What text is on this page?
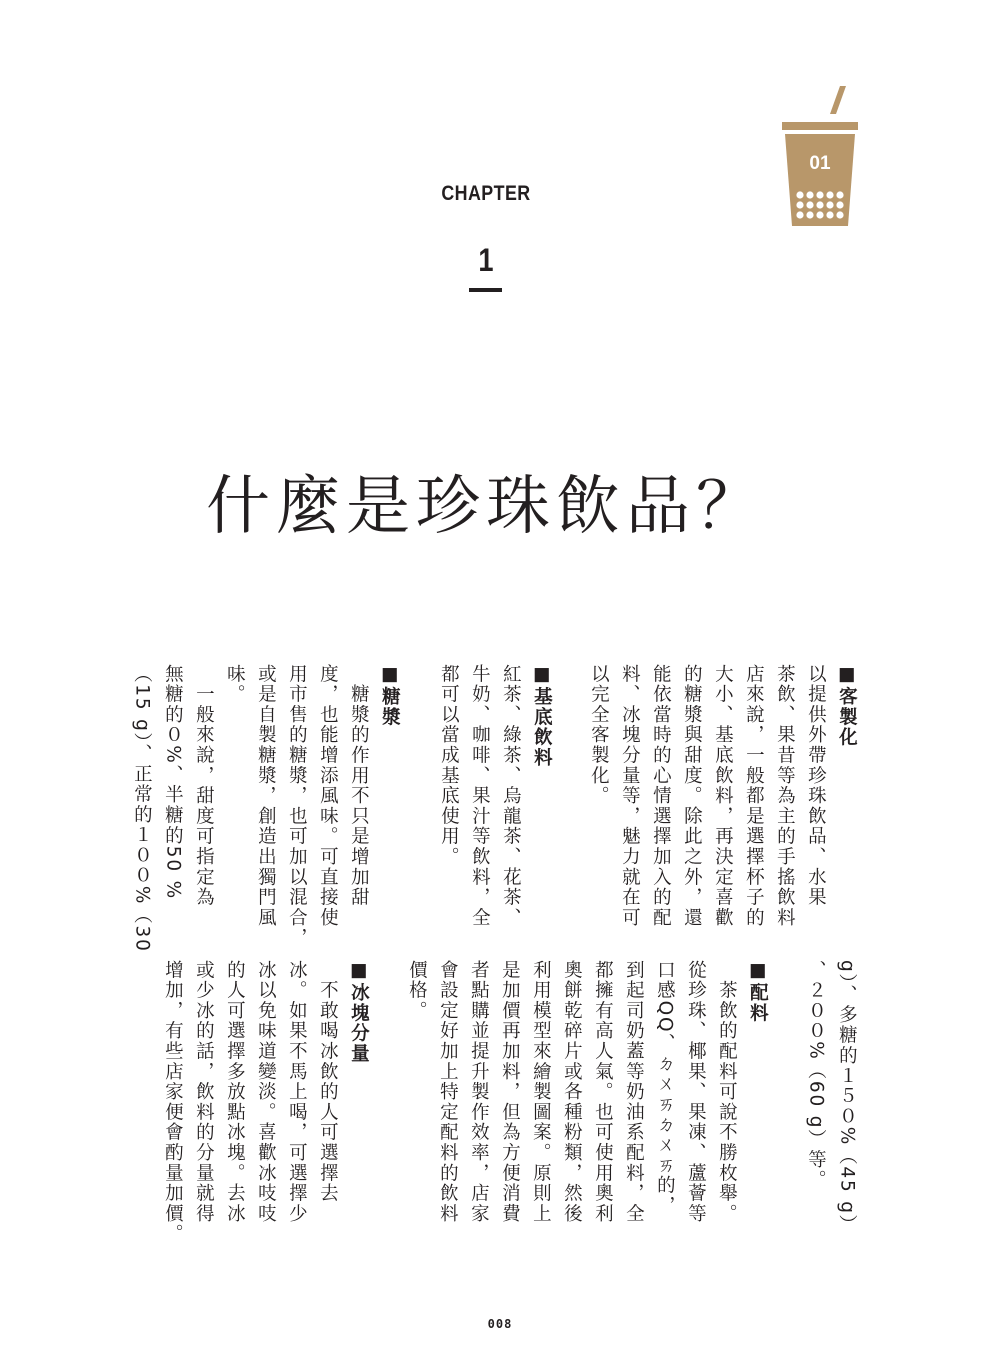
01
CHAPTER
1
什麼是珍珠飲品？
■客製化
以提供外帶珍珠飲品、水果
茶飲、果昔等為主的手搖飲料
店來說，一般都是選擇杯子的
大小、基底飲料，再決定喜歡
的糖漿與甜度。除此之外，還
能依當時的心情選擇加入的配
料、冰塊分量等，魅力就在可
以完全客製化。
■基底飲料
紅茶、綠茶、烏龍茶、花茶、
牛奶、咖啡、果汁等飲料，全
都可以當成基底使用。
■糖漿
　糖漿的作用不只是增加甜
度，也能增添風味。可直接使
用市售的糖漿，也可加以混合，
或是自製糖漿，創造出獨門風
味。
　一般來說，甜度可指定為
無糖的０%、半糖的50 %
（15 g）、正常的１００%（30
g）、多糖的１５０%（45 g）
、２００%（60 g）等。
■配料
　茶飲的配料可說不勝枚舉。
從珍珠、椰果、果凍、蘆薈等
口感QQ、ㄉㄨㄞㄉㄨㄞ的，
到起司奶蓋等奶油系配料，全
都擁有高人氣。也可使用奧利
奧餅乾碎片或各種粉類，然後
利用模型來繪製圖案。原則上
是加價再加料，但為方便消費
者點購並提升製作效率，店家
會設定好加上特定配料的飲料
價格。
■冰塊分量
　不敢喝冰飲的人可選擇去
冰。如果不馬上喝，可選擇少
冰以免味道變淡。喜歡冰吱吱
的人可選擇多放點冰塊。去冰
或少冰的話，飲料的分量就得
增加，有些店家便會酌量加價。
008
